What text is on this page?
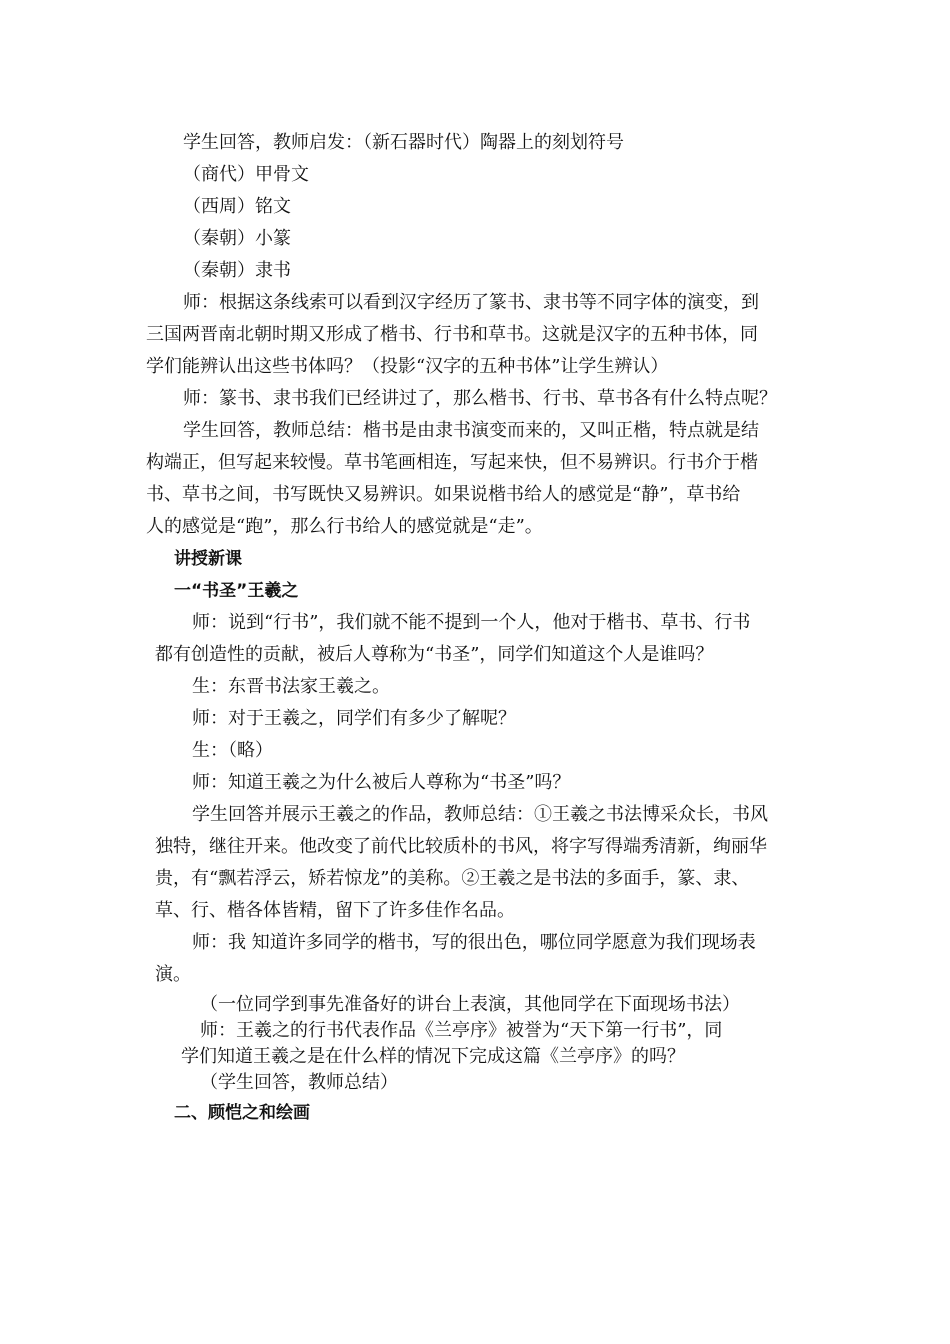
学生回答，教师启发：（新石器时代）陶器上的刻划符号

（商代）甲骨文

（西周）铭文

（秦朝）小篆

（秦朝）隶书

师：根据这条线索可以看到汉字经历了篆书、隶书等不同字体的演变，到

三国两晋南北朝时期又形成了楷书、行书和草书。这就是汉字的五种书体，同

学们能辨认出这些书体吗？（投影“汉字的五种书体”让学生辨认）

师：篆书、隶书我们已经讲过了，那么楷书、行书、草书各有什么特点呢？

学生回答，教师总结：楷书是由隶书演变而来的，又叫正楷，特点就是结

构端正，但写起来较慢。草书笔画相连，写起来快，但不易辨识。行书介于楷

书、草书之间，书写既快又易辨识。如果说楷书给人的感觉是“静”，草书给

人的感觉是“跑”，那么行书给人的感觉就是“走”。

讲授新课

一“书圣”王羲之

师：说到“行书”，我们就不能不提到一个人，他对于楷书、草书、行书

都有创造性的贡献，被后人尊称为“书圣”，同学们知道这个人是谁吗？

生：东晋书法家王羲之。

师：对于王羲之，同学们有多少了解呢？

生：（略）

师：知道王羲之为什么被后人尊称为“书圣”吗？

学生回答并展示王羲之的作品，教师总结：①王羲之书法博采众长，书风

独特，继往开来。他改变了前代比较质朴的书风，将字写得端秀清新，绚丽华

贵，有“飘若浮云，矫若惊龙”的美称。②王羲之是书法的多面手，篆、隶、

草、行、楷各体皆精，留下了许多佳作名品。

师：我 知道许多同学的楷书，写的很出色，哪位同学愿意为我们现场表

演。

（一位同学到事先准备好的讲台上表演，其他同学在下面现场书法）

师：王羲之的行书代表作品《兰亭序》被誉为“天下第一行书”，同

学们知道王羲之是在什么样的情况下完成这篇《兰亭序》的吗？

（学生回答，教师总结）

二、顾恺之和绘画
